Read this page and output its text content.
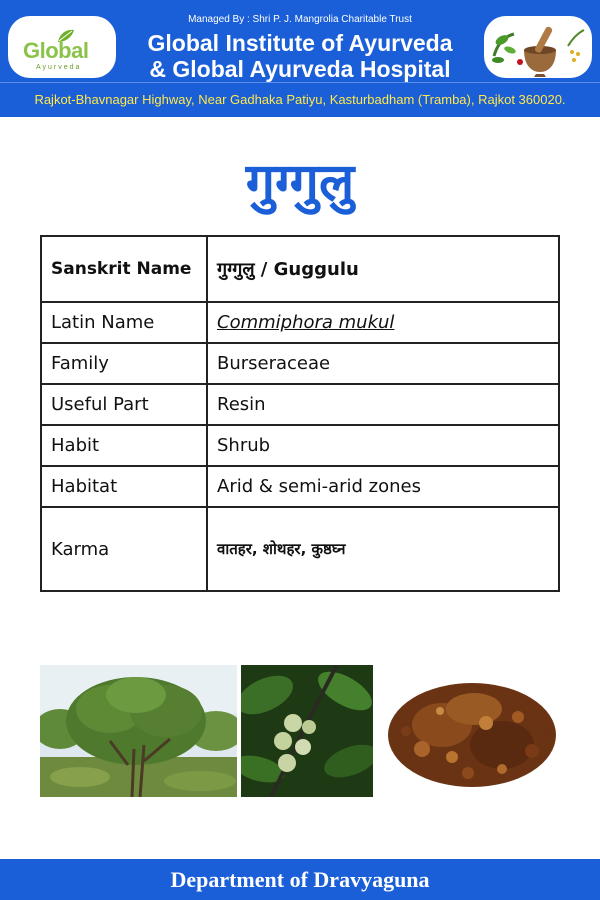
Managed By : Shri P. J. Mangrolia Charitable Trust
Global
Ayurveda
Global Institute of Ayurveda
& Global Ayurveda Hospital
Rajkot-Bhavnagar Highway, Near Gadhaka Patiyu, Kasturbadham (Tramba), Rajkot 360020.
गुग्गुलु
Sanskrit Name	गुग्गुलु / Guggulu
Latin Name	Commiphora mukul
Family	Burseraceae
Useful Part	Resin
Habit	Shrub
Habitat	Arid & semi-arid zones
Karma	वातहर, शोथहर, कुष्ठघ्न
Department of Dravyaguna
